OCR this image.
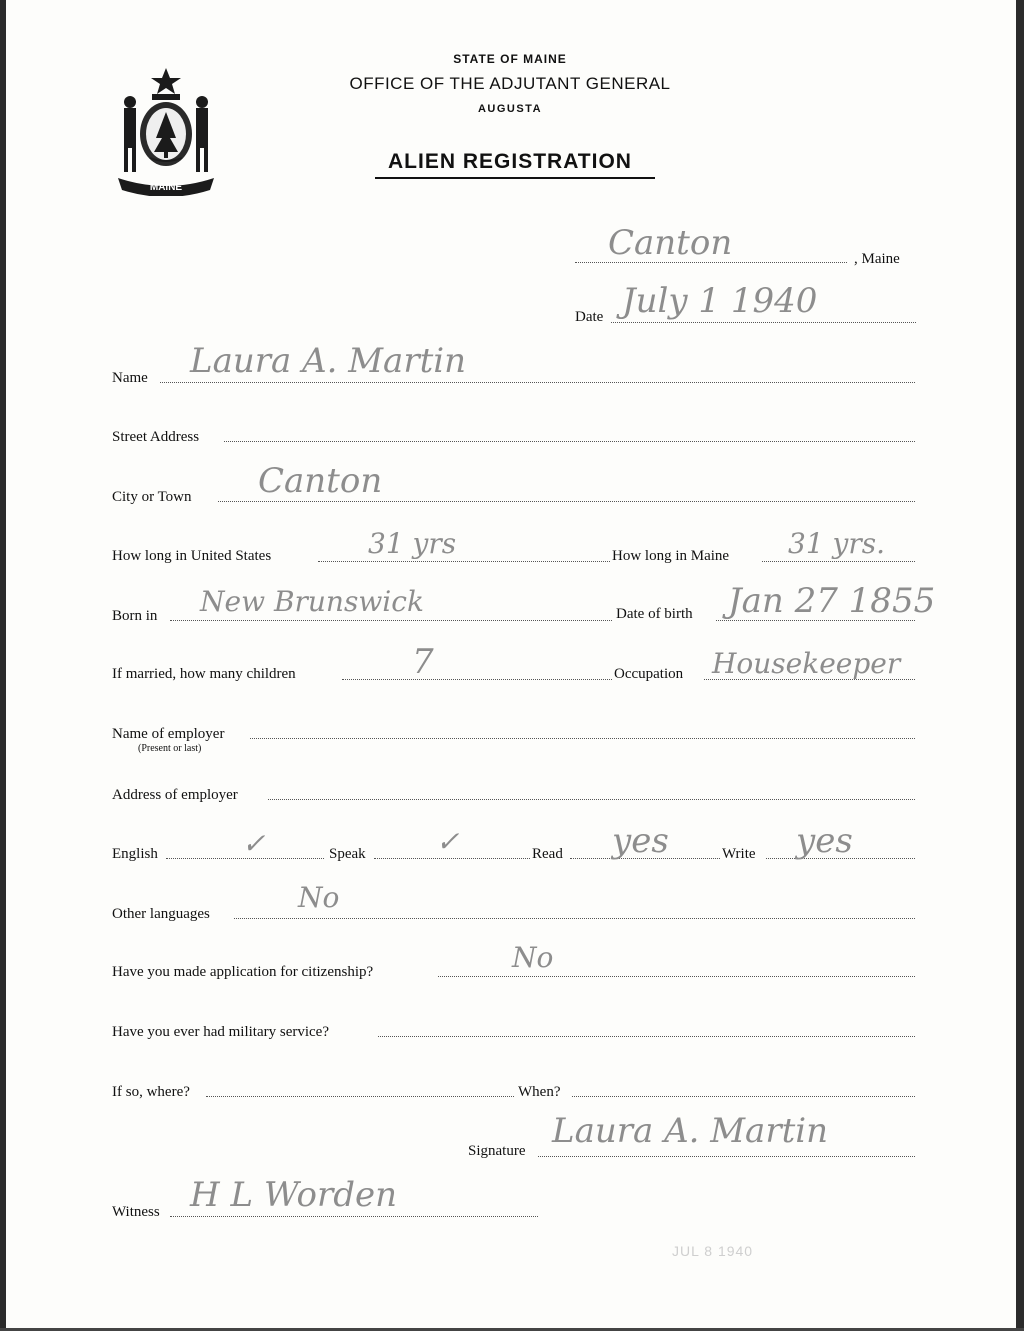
MAINE
STATE OF MAINE
OFFICE OF THE ADJUTANT GENERAL
AUGUSTA
ALIEN REGISTRATION
Canton	, Maine
Date July 1 1940
Name Laura A. Martin
Street Address
City or Town Canton
How long in United States	31 yrs	How long in Maine 31 yrs.
Born in New Brunswick	Date of birth Jan 27 1855
If married, how many children	7	Occupation Housekeeper
Name of employer
(Present or last)
Address of employer
English	✓	Speak	✓	Read yes	Write yes
Other languages	No
Have you made application for citizenship?	No
Have you ever had military service?
If so, where?	When?
Signature Laura A. Martin
Witness H L Worden
JUL 8 1940
